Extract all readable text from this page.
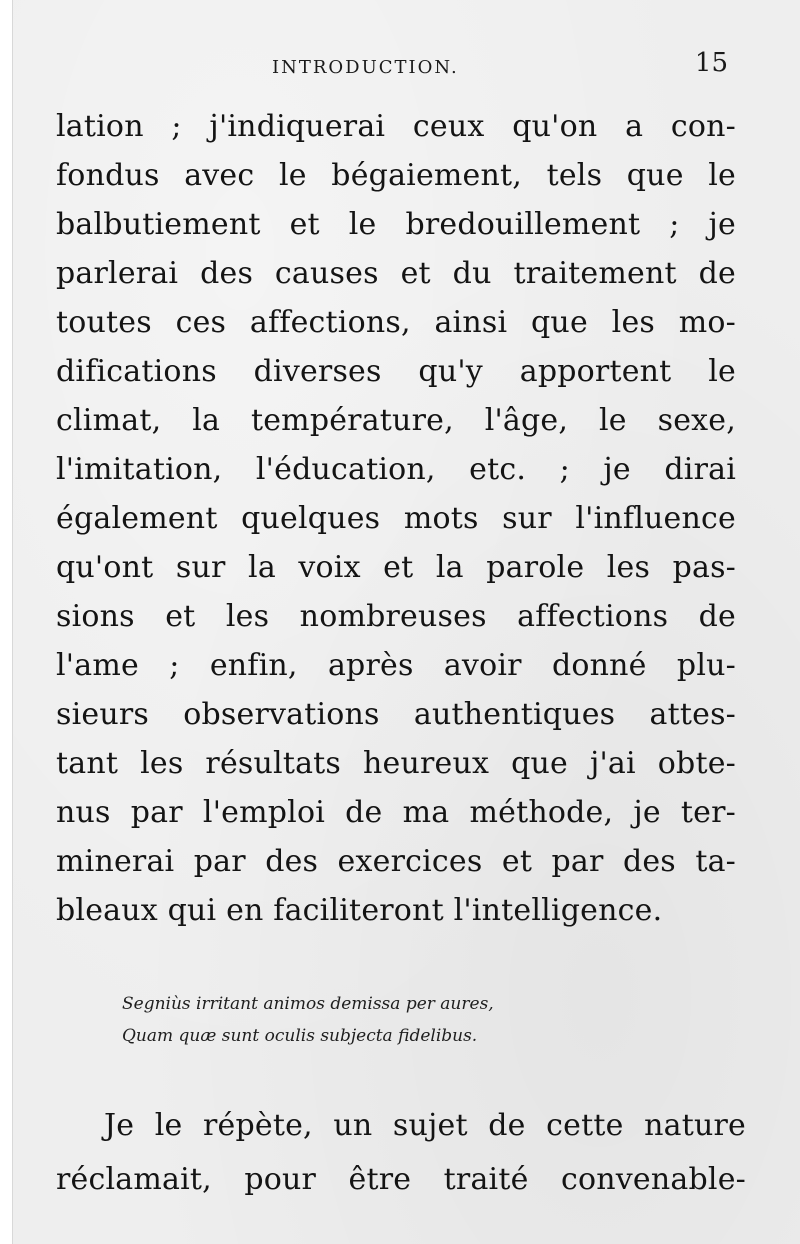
INTRODUCTION.	15
lation ; j'indiquerai ceux qu'on a con-
fondus avec le bégaiement, tels que le
balbutiement et le bredouillement ; je
parlerai des causes et du traitement de
toutes ces affections, ainsi que les mo-
difications diverses qu'y apportent le
climat, la température, l'âge, le sexe,
l'imitation, l'éducation, etc. ; je dirai
également quelques mots sur l'influence
qu'ont sur la voix et la parole les pas-
sions et les nombreuses affections de
l'ame ; enfin, après avoir donné plu-
sieurs observations authentiques attes-
tant les résultats heureux que j'ai obte-
nus par l'emploi de ma méthode, je ter-
minerai par des exercices et par des ta-
bleaux qui en faciliteront l'intelligence.
Segniùs irritant animos demissa per aures,
Quam quæ sunt oculis subjecta fidelibus.
Je le répète, un sujet de cette nature
réclamait, pour être traité convenable-
